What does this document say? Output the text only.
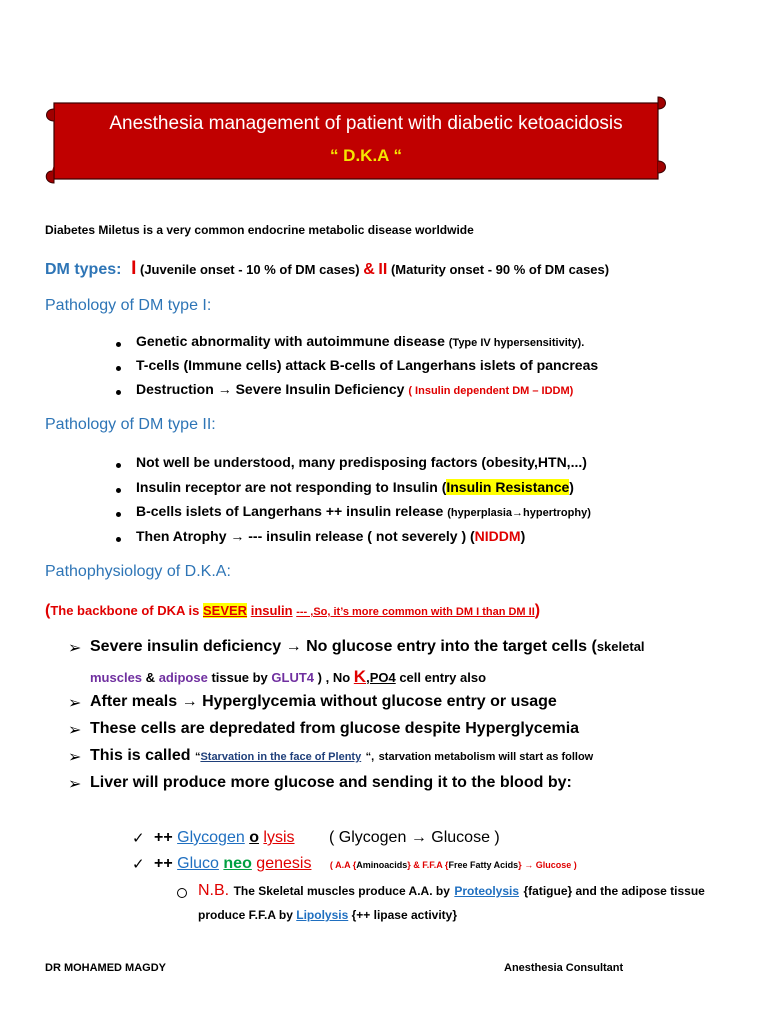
Anesthesia management of patient with diabetic ketoacidosis
“ D.K.A “
Diabetes Miletus is a very common endocrine metabolic disease worldwide
DM types: I (Juvenile onset - 10 % of DM cases) & II (Maturity onset - 90 % of DM cases)
Pathology of DM type I:
Genetic abnormality with autoimmune disease (Type IV hypersensitivity).
T-cells (Immune cells) attack B-cells of Langerhans islets of pancreas
Destruction → Severe Insulin Deficiency ( Insulin dependent DM – IDDM)
Pathology of DM type II:
Not well be understood, many predisposing factors (obesity,HTN,...)
Insulin receptor are not responding to Insulin (Insulin Resistance)
B-cells islets of Langerhans ++ insulin release (hyperplasia→hypertrophy)
Then Atrophy → --- insulin release ( not severely ) (NIDDM)
Pathophysiology of D.K.A:
(The backbone of DKA is SEVER insulin --- ,So, it’s more common with DM I than DM II)
➢ Severe insulin deficiency → No glucose entry into the target cells (skeletal
muscles & adipose tissue by GLUT4 ) , No K,PO4 cell entry also
➢ After meals → Hyperglycemia without glucose entry or usage
➢ These cells are depredated from glucose despite Hyperglycemia
➢ This is called “Starvation in the face of Plenty “, starvation metabolism will start as follow
➢ Liver will produce more glucose and sending it to the blood by:
✓ ++ Glycogen o lysis ( Glycogen → Glucose )
✓ ++ Gluco neo genesis ( A.A {Aminoacids} & F.F.A {Free Fatty Acids} → Glucose )
N.B. The Skeletal muscles produce A.A. by Proteolysis {fatigue} and the adipose tissue
produce F.F.A by Lipolysis {++ lipase activity}
DR MOHAMED MAGDY	Anesthesia Consultant
